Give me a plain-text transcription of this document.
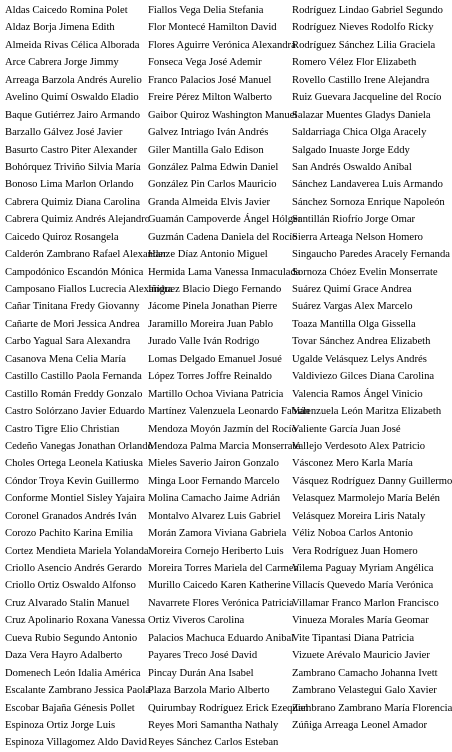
Aldas Caicedo Romina Polet
Aldaz Borja Jimena Edith
Almeida Rivas Célica Alborada
Arce Cabrera Jorge Jimmy
Arreaga Barzola Andrés Aurelio
Avelino Quimí Oswaldo Eladio
Baque Gutiérrez Jairo Armando
Barzallo Gálvez José Javier
Basurto Castro Piter Alexander
Bohórquez Triviño Silvia María
Bonoso Lima Marlon Orlando
Cabrera Quimiz Diana Carolina
Cabrera Quimiz Andrés Alejandro
Caicedo Quiroz Rosangela
Calderón Zambrano Rafael Alexander
Campodónico Escandón Mónica
Camposano Fiallos Lucrecia Alexandra
Cañar Tinitana Fredy Giovanny
Cañarte de Mori Jessica Andrea
Carbo Yagual Sara Alexandra
Casanova Mena Celia María
Castillo Castillo Paola Fernanda
Castillo Román Freddy Gonzalo
Castro Solórzano Javier Eduardo
Castro Tigre Elio Christian
Cedeño Vanegas Jonathan Orlando
Choles Ortega Leonela Katiuska
Cóndor Troya Kevin Guillermo
Conforme Montiel Sisley Yajaira
Coronel Granados Andrés Iván
Corozo Pachito Karina Emilia
Cortez Mendieta Mariela Yolanda
Criollo Asencio Andrés Gerardo
Criollo Ortiz Oswaldo Alfonso
Cruz Alvarado Stalin Manuel
Cruz Apolinario Roxana Vanessa
Cueva Rubio Segundo Antonio
Daza Vera Hayro Adalberto
Domenech León Idalia América
Escalante Zambrano Jessica Paola
Escobar Bajaña Génesis Pollet
Espinoza Ortiz Jorge Luis
Espinoza Villagomez Aldo David
Fiallos Vega Delia Stefania
Flor Montecé Hamilton David
Flores Aguirre Verónica Alexandra
Fonseca Vega José Ademir
Franco Palacios José Manuel
Freire Pérez Milton Walberto
Gaibor Quiroz Washington Manuel
Galvez Intriago Iván Andrés
Giler Mantilla Galo Edison
González Palma Edwin Daniel
González Pin Carlos Mauricio
Granda Almeida Elvis Javier
Guamán Campoverde Ángel Hólger
Guzmán Cadena Daniela del Rocío
Hanze Díaz Antonio Miguel
Hermida Lama Vanessa Inmaculada
Iñiguez Blacio Diego Fernando
Jácome Pinela Jonathan Pierre
Jaramillo Moreira Juan Pablo
Jurado Valle Iván Rodrigo
Lomas Delgado Emanuel Josué
López Torres Joffre Reinaldo
Martillo Ochoa Viviana Patricia
Martínez Valenzuela Leonardo Fabián
Mendoza Moyón Jazmín del Rocío
Mendoza Palma Marcia Monserrate
Mieles Saverio Jairon Gonzalo
Minga Loor Fernando Marcelo
Molina Camacho Jaime Adrián
Montalvo Alvarez Luis Gabriel
Morán Zamora Viviana Gabriela
Moreira Cornejo Heriberto Luis
Moreira Torres Mariela del Carmen
Murillo Caicedo Karen Katherine
Navarrete Flores Verónica Patricia
Ortiz Viveros Carolina
Palacios Machuca Eduardo Anibal
Payares Treco José David
Pincay Durán Ana Isabel
Plaza Barzola Mario Alberto
Quirumbay Rodríguez Erick Ezequiel
Reyes Mori Samantha Nathaly
Reyes Sánchez Carlos Esteban
Rodríguez Lindao Gabriel Segundo
Rodríguez Nieves Rodolfo Ricky
Rodríguez Sánchez Lilia Graciela
Romero Vélez Flor Elizabeth
Rovello Castillo Irene Alejandra
Ruiz Guevara Jacqueline del Rocío
Salazar Muentes Gladys Daniela
Saldarriaga Chica Olga Aracely
Salgado Inuaste Jorge Eddy
San Andrés Oswaldo Aníbal
Sánchez Landaverea Luis Armando
Sánchez Sornoza Enrique Napoleón
Santillán Riofrío Jorge Omar
Sierra Arteaga Nelson Homero
Singaucho Paredes Aracely Fernanda
Sornoza Chóez Evelin Monserrate
Suárez Quimí Grace Andrea
Suárez Vargas Alex Marcelo
Toaza Mantilla Olga Gissella
Tovar Sánchez Andrea Elizabeth
Ugalde Velásquez Lelys Andrés
Valdiviezo Gilces Diana Carolina
Valencia Ramos Ángel Vinicio
Valenzuela León Maritza Elizabeth
Valiente García Juan José
Vallejo Verdesoto Alex Patricio
Vásconez Mero Karla María
Vásquez Rodríguez Danny Guillermo
Velasquez Marmolejo María Belén
Velásquez Moreira Liris Nataly
Véliz Noboa Carlos Antonio
Vera Rodríguez Juan Homero
Vilema Paguay Myriam Angélica
Villacís Quevedo María Verónica
Villamar Franco Marlon Francisco
Vinueza Morales María Geomar
Vite Tipantasi Diana Patricia
Vizuete Arévalo Mauricio Javier
Zambrano Camacho Johanna Ivett
Zambrano Velastegui Galo Xavier
Zambrano Zambrano María Florencia
Zúñiga Arreaga Leonel Amador
